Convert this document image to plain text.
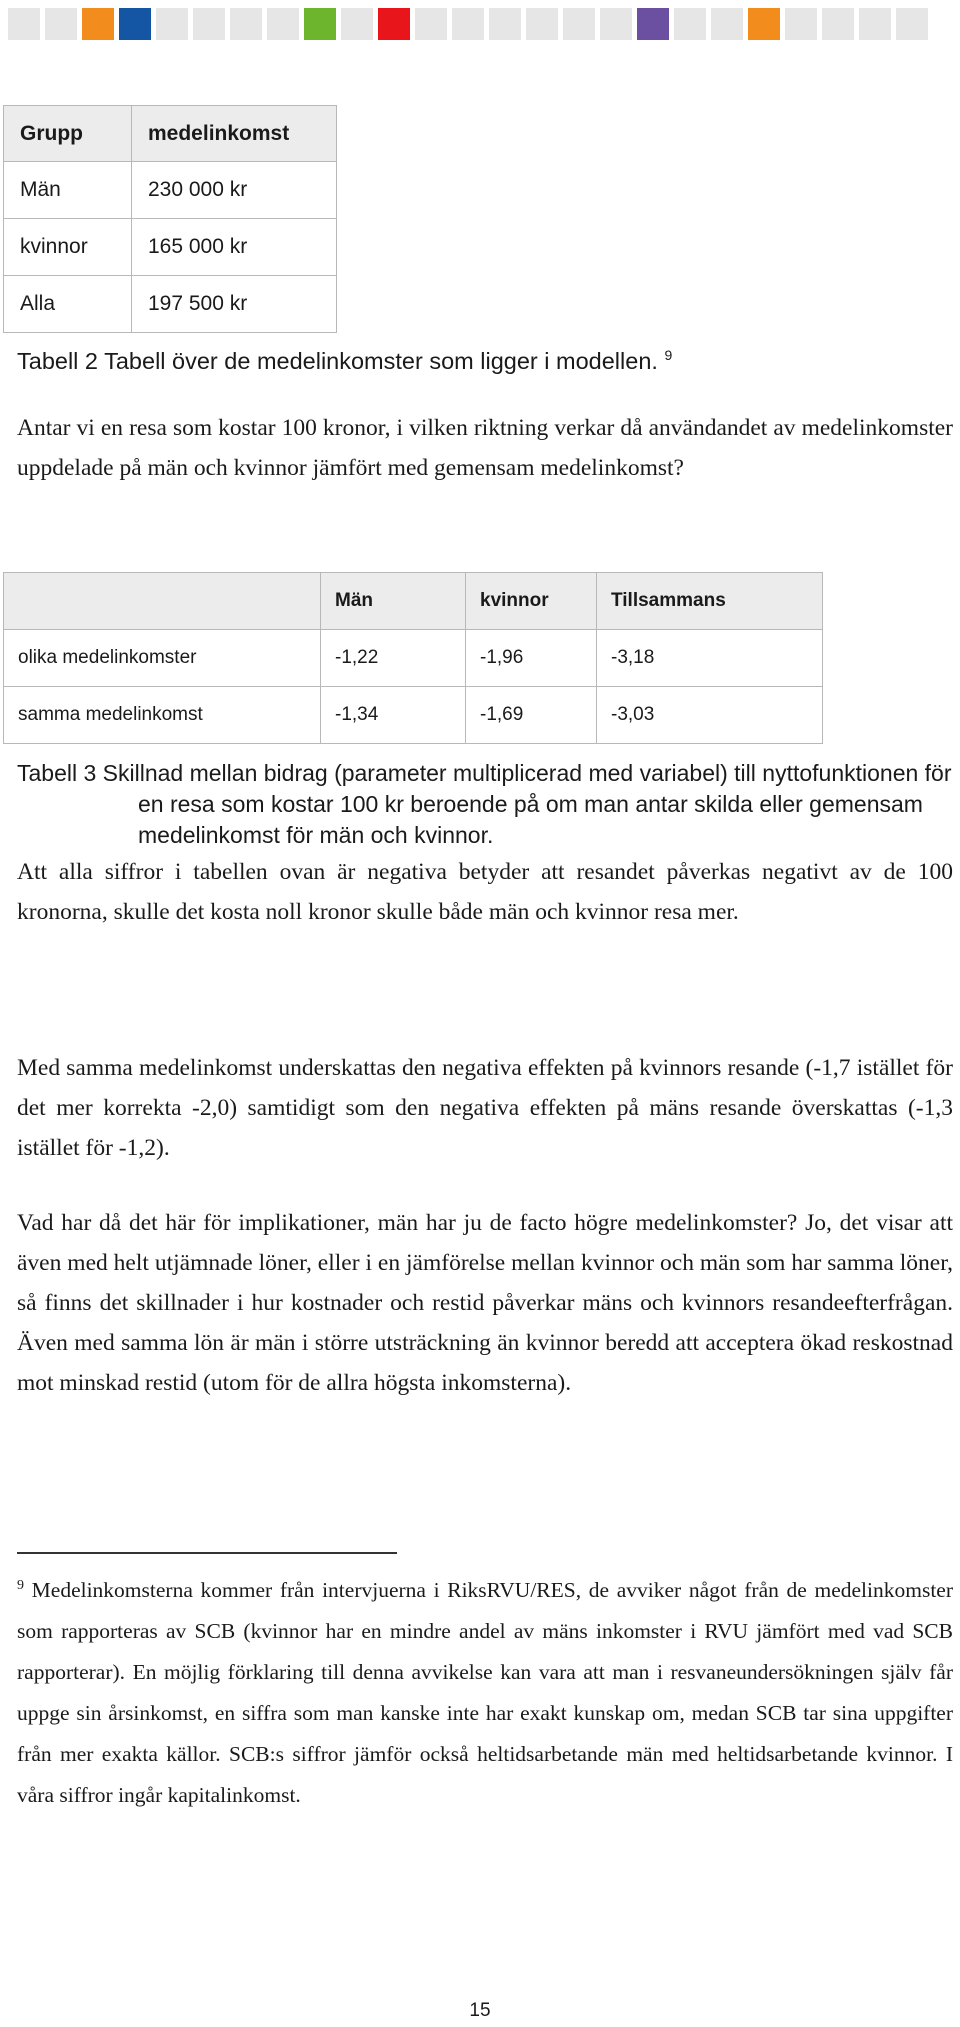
Grupp	medelinkomst
Män	230 000 kr
kvinnor	165 000 kr
Alla	197 500 kr

Tabell 2 Tabell över de medelinkomster som ligger i modellen. $^9$

Antar vi en resa som kostar 100 kronor, i vilken riktning verkar då användandet av medelinkomster uppdelade på män och kvinnor jämfört med gemensam medelinkomst?

	Män	kvinnor	Tillsammans
olika medelinkomster	-1,22	-1,96	-3,18
samma medelinkomst	-1,34	-1,69	-3,03

Tabell 3 Skillnad mellan bidrag (parameter multiplicerad med variabel) till nyttofunktionen för en resa som kostar 100 kr beroende på om man antar skilda eller gemensam medelinkomst för män och kvinnor.

Att alla siffror i tabellen ovan är negativa betyder att resandet påverkas negativt av de 100 kronorna, skulle det kosta noll kronor skulle både män och kvinnor resa mer.

Med samma medelinkomst underskattas den negativa effekten på kvinnors resande (-1,7 istället för det mer korrekta -2,0) samtidigt som den negativa effekten på mäns resande överskattas (-1,3 istället för -1,2).

Vad har då det här för implikationer, män har ju de facto högre medelinkomster? Jo, det visar att även med helt utjämnade löner, eller i en jämförelse mellan kvinnor och män som har samma löner, så finns det skillnader i hur kostnader och restid påverkar mäns och kvinnors resandeefterfrågan. Även med samma lön är män i större utsträckning än kvinnor beredd att acceptera ökad reskostnad mot minskad restid (utom för de allra högsta inkomsterna).

$^9$ Medelinkomsterna kommer från intervjuerna i RiksRVU/RES, de avviker något från de medelinkomster som rapporteras av SCB (kvinnor har en mindre andel av mäns inkomster i RVU jämfört med vad SCB rapporterar). En möjlig förklaring till denna avvikelse kan vara att man i resvaneundersökningen själv får uppge sin årsinkomst, en siffra som man kanske inte har exakt kunskap om, medan SCB tar sina uppgifter från mer exakta källor. SCB:s siffror jämför också heltidsarbetande män med heltidsarbetande kvinnor. I våra siffror ingår kapitalinkomst.

15
